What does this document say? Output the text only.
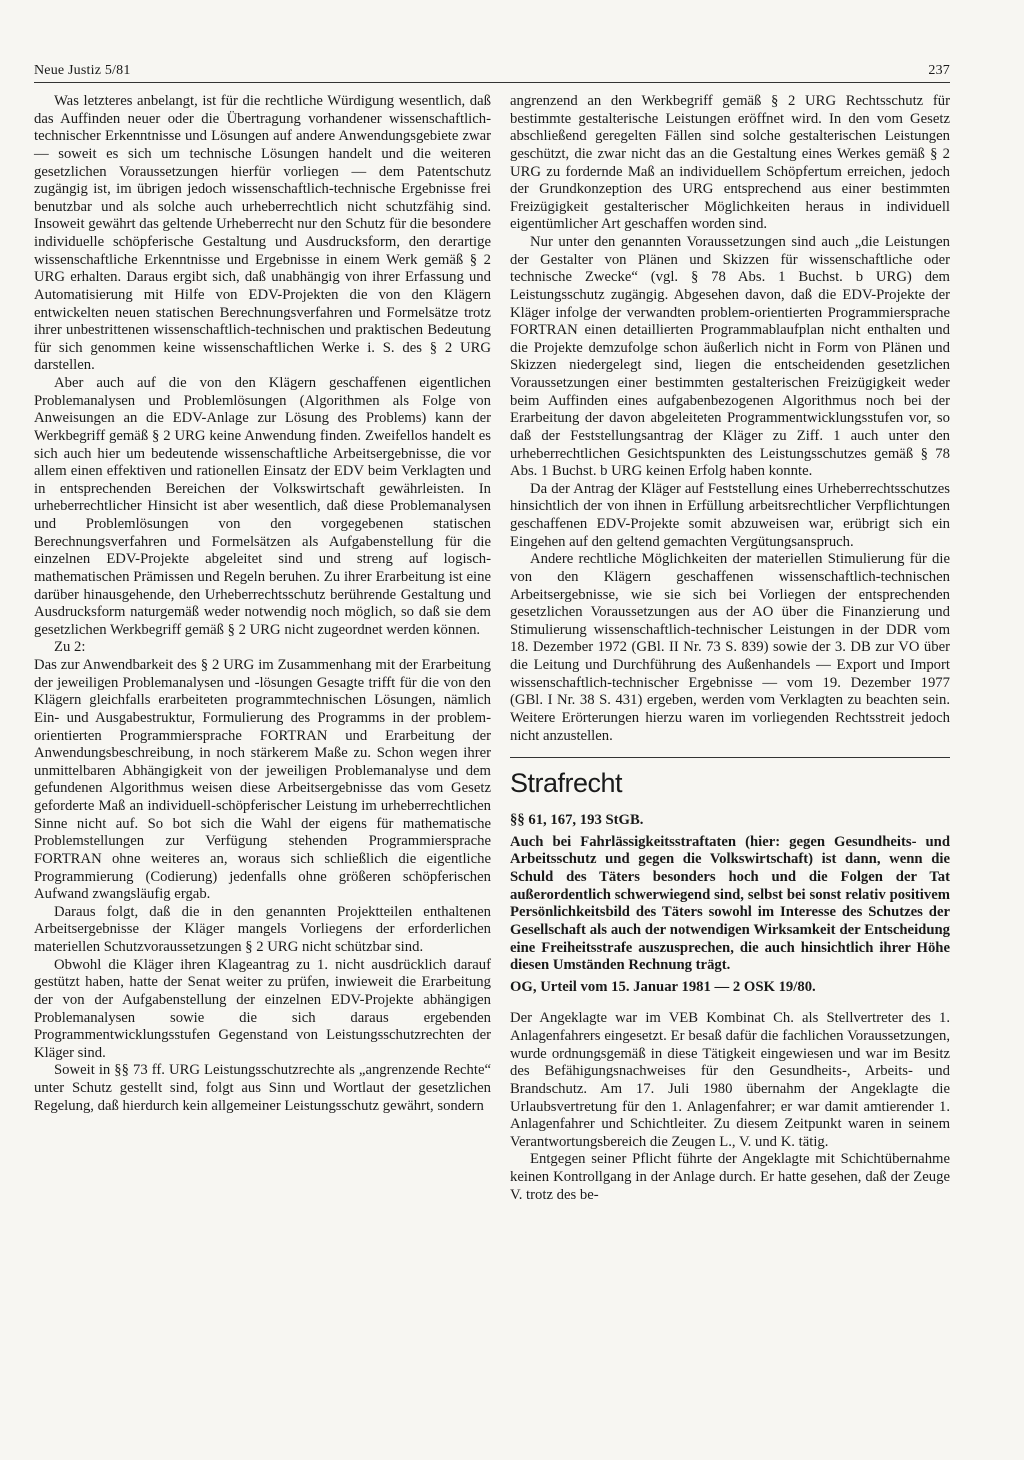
Neue Justiz 5/81	237

Was letzteres anbelangt, ist für die rechtliche Würdigung wesentlich, daß das Auffinden neuer oder die Übertragung vorhandener wissenschaftlich-technischer Erkenntnisse und Lösungen auf andere Anwendungsgebiete zwar — soweit es sich um technische Lösungen handelt und die weiteren gesetzlichen Voraussetzungen hierfür vorliegen — dem Patentschutz zugängig ist, im übrigen jedoch wissenschaftlich-technische Ergebnisse frei benutzbar und als solche auch urheberrechtlich nicht schutzfähig sind. Insoweit gewährt das geltende Urheberrecht nur den Schutz für die besondere individuelle schöpferische Gestaltung und Ausdrucksform, den derartige wissenschaftliche Erkenntnisse und Ergebnisse in einem Werk gemäß § 2 URG erhalten. Daraus ergibt sich, daß unabhängig von ihrer Erfassung und Automatisierung mit Hilfe von EDV-Projekten die von den Klägern entwickelten neuen statischen Berechnungsverfahren und Formelsätze trotz ihrer unbestrittenen wissenschaftlich-technischen und praktischen Bedeutung für sich genommen keine wissenschaftlichen Werke i. S. des § 2 URG darstellen.

Aber auch auf die von den Klägern geschaffenen eigentlichen Problemanalysen und Problemlösungen (Algorithmen als Folge von Anweisungen an die EDV-Anlage zur Lösung des Problems) kann der Werkbegriff gemäß § 2 URG keine Anwendung finden. Zweifellos handelt es sich auch hier um bedeutende wissenschaftliche Arbeitsergebnisse, die vor allem einen effektiven und rationellen Einsatz der EDV beim Verklagten und in entsprechenden Bereichen der Volkswirtschaft gewährleisten. In urheberrechtlicher Hinsicht ist aber wesentlich, daß diese Problemanalysen und Problemlösungen von den vorgegebenen statischen Berechnungsverfahren und Formelsätzen als Aufgabenstellung für die einzelnen EDV-Projekte abgeleitet sind und streng auf logisch-mathematischen Prämissen und Regeln beruhen. Zu ihrer Erarbeitung ist eine darüber hinausgehende, den Urheberrechtsschutz berührende Gestaltung und Ausdrucksform naturgemäß weder notwendig noch möglich, so daß sie dem gesetzlichen Werkbegriff gemäß § 2 URG nicht zugeordnet werden können.

Zu 2:

Das zur Anwendbarkeit des § 2 URG im Zusammenhang mit der Erarbeitung der jeweiligen Problemanalysen und -lösungen Gesagte trifft für die von den Klägern gleichfalls erarbeiteten programmtechnischen Lösungen, nämlich Ein- und Ausgabestruktur, Formulierung des Programms in der problem-orientierten Programmiersprache FORTRAN und Erarbeitung der Anwendungsbeschreibung, in noch stärkerem Maße zu. Schon wegen ihrer unmittelbaren Abhängigkeit von der jeweiligen Problemanalyse und dem gefundenen Algorithmus weisen diese Arbeitsergebnisse das vom Gesetz geforderte Maß an individuell-schöpferischer Leistung im urheberrechtlichen Sinne nicht auf. So bot sich die Wahl der eigens für mathematische Problemstellungen zur Verfügung stehenden Programmiersprache FORTRAN ohne weiteres an, woraus sich schließlich die eigentliche Programmierung (Codierung) jedenfalls ohne größeren schöpferischen Aufwand zwangsläufig ergab.

Daraus folgt, daß die in den genannten Projektteilen enthaltenen Arbeitsergebnisse der Kläger mangels Vorliegens der erforderlichen materiellen Schutzvoraussetzungen § 2 URG nicht schützbar sind.

Obwohl die Kläger ihren Klageantrag zu 1. nicht ausdrücklich darauf gestützt haben, hatte der Senat weiter zu prüfen, inwieweit die Erarbeitung der von der Aufgabenstellung der einzelnen EDV-Projekte abhängigen Problemanalysen sowie die sich daraus ergebenden Programmentwicklungsstufen Gegenstand von Leistungsschutzrechten der Kläger sind.

Soweit in §§ 73 ff. URG Leistungsschutzrechte als „angrenzende Rechte“ unter Schutz gestellt sind, folgt aus Sinn und Wortlaut der gesetzlichen Regelung, daß hierdurch kein allgemeiner Leistungsschutz gewährt, sondern

angrenzend an den Werkbegriff gemäß § 2 URG Rechtsschutz für bestimmte gestalterische Leistungen eröffnet wird. In den vom Gesetz abschließend geregelten Fällen sind solche gestalterischen Leistungen geschützt, die zwar nicht das an die Gestaltung eines Werkes gemäß § 2 URG zu fordernde Maß an individuellem Schöpfertum erreichen, jedoch der Grundkonzeption des URG entsprechend aus einer bestimmten Freizügigkeit gestalterischer Möglichkeiten heraus in individuell eigentümlicher Art geschaffen worden sind.

Nur unter den genannten Voraussetzungen sind auch „die Leistungen der Gestalter von Plänen und Skizzen für wissenschaftliche oder technische Zwecke“ (vgl. § 78 Abs. 1 Buchst. b URG) dem Leistungsschutz zugängig. Abgesehen davon, daß die EDV-Projekte der Kläger infolge der verwandten problem-orientierten Programmiersprache FORTRAN einen detaillierten Programmablaufplan nicht enthalten und die Projekte demzufolge schon äußerlich nicht in Form von Plänen und Skizzen niedergelegt sind, liegen die entscheidenden gesetzlichen Voraussetzungen einer bestimmten gestalterischen Freizügigkeit weder beim Auffinden eines aufgabenbezogenen Algorithmus noch bei der Erarbeitung der davon abgeleiteten Programmentwicklungsstufen vor, so daß der Feststellungsantrag der Kläger zu Ziff. 1 auch unter den urheberrechtlichen Gesichtspunkten des Leistungsschutzes gemäß § 78 Abs. 1 Buchst. b URG keinen Erfolg haben konnte.

Da der Antrag der Kläger auf Feststellung eines Urheberrechtsschutzes hinsichtlich der von ihnen in Erfüllung arbeitsrechtlicher Verpflichtungen geschaffenen EDV-Projekte somit abzuweisen war, erübrigt sich ein Eingehen auf den geltend gemachten Vergütungsanspruch.

Andere rechtliche Möglichkeiten der materiellen Stimulierung für die von den Klägern geschaffenen wissenschaftlich-technischen Arbeitsergebnisse, wie sie sich bei Vorliegen der entsprechenden gesetzlichen Voraussetzungen aus der AO über die Finanzierung und Stimulierung wissenschaftlich-technischer Leistungen in der DDR vom 18. Dezember 1972 (GBl. II Nr. 73 S. 839) sowie der 3. DB zur VO über die Leitung und Durchführung des Außenhandels — Export und Import wissenschaftlich-technischer Ergebnisse — vom 19. Dezember 1977 (GBl. I Nr. 38 S. 431) ergeben, werden vom Verklagten zu beachten sein. Weitere Erörterungen hierzu waren im vorliegenden Rechtsstreit jedoch nicht anzustellen.

Strafrecht

§§ 61, 167, 193 StGB.

Auch bei Fahrlässigkeitsstraftaten (hier: gegen Gesundheits- und Arbeitsschutz und gegen die Volkswirtschaft) ist dann, wenn die Schuld des Täters besonders hoch und die Folgen der Tat außerordentlich schwerwiegend sind, selbst bei sonst relativ positivem Persönlichkeitsbild des Täters sowohl im Interesse des Schutzes der Gesellschaft als auch der notwendigen Wirksamkeit der Entscheidung eine Freiheitsstrafe auszusprechen, die auch hinsichtlich ihrer Höhe diesen Umständen Rechnung trägt.

OG, Urteil vom 15. Januar 1981 — 2 OSK 19/80.

Der Angeklagte war im VEB Kombinat Ch. als Stellvertreter des 1. Anlagenfahrers eingesetzt. Er besaß dafür die fachlichen Voraussetzungen, wurde ordnungsgemäß in diese Tätigkeit eingewiesen und war im Besitz des Befähigungsnachweises für den Gesundheits-, Arbeits- und Brandschutz. Am 17. Juli 1980 übernahm der Angeklagte die Urlaubsvertretung für den 1. Anlagenfahrer; er war damit amtierender 1. Anlagenfahrer und Schichtleiter. Zu diesem Zeitpunkt waren in seinem Verantwortungsbereich die Zeugen L., V. und K. tätig.

Entgegen seiner Pflicht führte der Angeklagte mit Schichtübernahme keinen Kontrollgang in der Anlage durch. Er hatte gesehen, daß der Zeuge V. trotz des be-
